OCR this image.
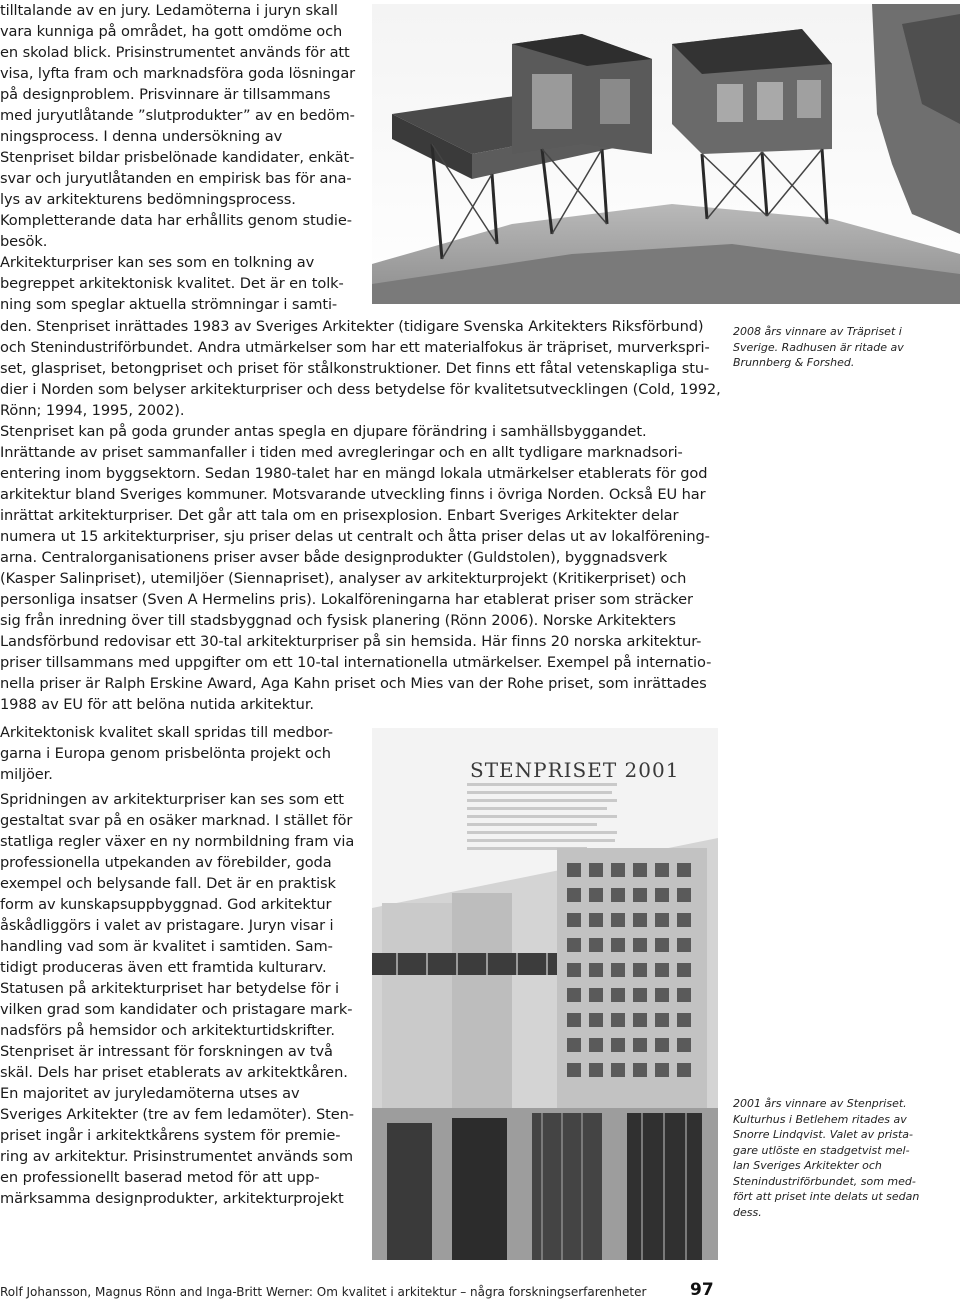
tilltalande av en jury. Ledamöterna i juryn skall
vara kunniga på området, ha gott omdöme och
en skolad blick. Prisinstrumentet används för att
visa, lyfta fram och marknadsföra goda lösningar
på designproblem. Prisvinnare är tillsammans
med juryutlåtande ”slutprodukter” av en bedöm-
ningsprocess. I denna undersökning av
Stenpriset bildar prisbelönade kandidater, enkät-
svar och juryutlåtanden en empirisk bas för ana-
lys av arkitekturens bedömningsprocess.
Kompletterande data har erhållits genom studie-
besök.
Arkitekturpriser kan ses som en tolkning av
begreppet arkitektonisk kvalitet. Det är en tolk-
ning som speglar aktuella strömningar i samti-
den. Stenpriset inrättades 1983 av Sveriges Arkitekter (tidigare Svenska Arkitekters Riksförbund)
och Stenindustriförbundet. Andra utmärkelser som har ett materialfokus är träpriset, murverkspri-
set, glaspriset, betongpriset och priset för stålkonstruktioner. Det finns ett fåtal vetenskapliga stu-
dier i Norden som belyser arkitekturpriser och dess betydelse för kvalitetsutvecklingen (Cold, 1992,
Rönn; 1994, 1995, 2002).
Stenpriset kan på goda grunder antas spegla en djupare förändring i samhällsbyggandet.
Inrättande av priset sammanfaller i tiden med avregleringar och en allt tydligare marknadsori-
entering inom byggsektorn. Sedan 1980-talet har en mängd lokala utmärkelser etablerats för god
arkitektur bland Sveriges kommuner. Motsvarande utveckling finns i övriga Norden. Också EU har
inrättat arkitekturpriser. Det går att tala om en prisexplosion. Enbart Sveriges Arkitekter delar
numera ut 15 arkitekturpriser, sju priser delas ut centralt och åtta priser delas ut av lokalförening-
arna. Centralorganisationens priser avser både designprodukter (Guldstolen), byggnadsverk
(Kasper Salinpriset), utemiljöer (Siennapriset), analyser av arkitekturprojekt (Kritikerpriset) och
personliga insatser (Sven A Hermelins pris). Lokalföreningarna har etablerat priser som sträcker
sig från inredning över till stadsbyggnad och fysisk planering (Rönn 2006). Norske Arkitekters
Landsförbund redovisar ett 30-tal arkitekturpriser på sin hemsida. Här finns 20 norska arkitektur-
priser tillsammans med uppgifter om ett 10-tal internationella utmärkelser. Exempel på internatio-
nella priser är Ralph Erskine Award, Aga Kahn priset och Mies van der Rohe priset, som inrättades
1988 av EU för att belöna nutida arkitektur.
Arkitektonisk kvalitet skall spridas till medbor-
garna i Europa genom prisbelönta projekt och
miljöer.
Spridningen av arkitekturpriser kan ses som ett
gestaltat svar på en osäker marknad. I stället för
statliga regler växer en ny normbildning fram via
professionella utpekanden av förebilder, goda
exempel och belysande fall. Det är en praktisk
form av kunskapsuppbyggnad. God arkitektur
åskådliggörs i valet av pristagare. Juryn visar i
handling vad som är kvalitet i samtiden. Sam-
tidigt produceras även ett framtida kulturarv.
Statusen på arkitekturpriset har betydelse för i
vilken grad som kandidater och pristagare mark-
nadsförs på hemsidor och arkitekturtidskrifter.
Stenpriset är intressant för forskningen av två
skäl. Dels har priset etablerats av arkitektkåren.
En majoritet av juryledamöterna utses av
Sveriges Arkitekter (tre av fem ledamöter). Sten-
priset ingår i arkitektkårens system för premie-
ring av arkitektur. Prisinstrumentet används som
en professionellt baserad metod för att upp-
märksamma designprodukter, arkitekturprojekt
2008 års vinnare av Träpriset i
Sverige. Radhusen är ritade av
Brunnberg & Forshed.
STENPRISET 2001
2001 års vinnare av Stenpriset.
Kulturhus i Betlehem ritades av
Snorre Lindqvist. Valet av prista-
gare utlöste en stadgetvist mel-
lan Sveriges Arkitekter och
Stenindustriförbundet, som med-
fört att priset inte delats ut sedan
dess.
Rolf Johansson, Magnus Rönn and Inga-Britt Werner: Om kvalitet i arkitektur – några forskningserfarenheter	97
